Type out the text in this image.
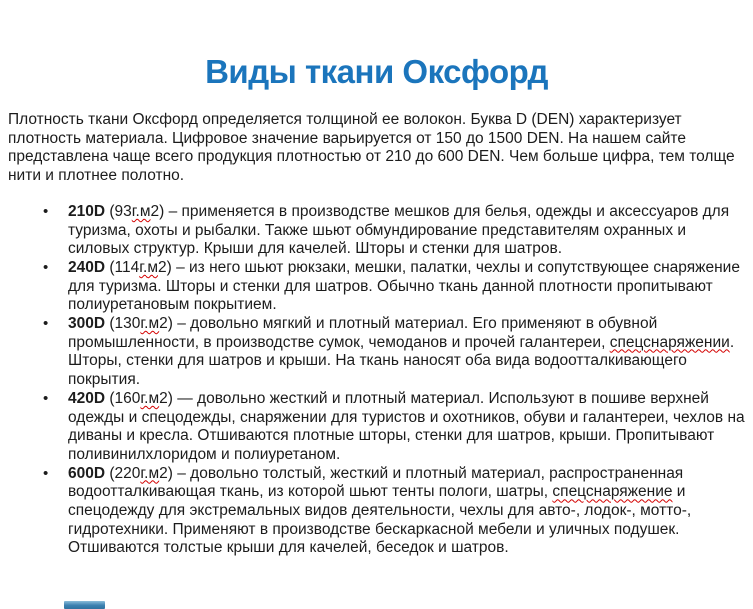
Виды ткани Оксфорд

Плотность ткани Оксфорд определяется толщиной ее волокон. Буква D (DEN) характеризует плотность материала. Цифровое значение варьируется от 150 до 1500 DEN. На нашем сайте представлена чаще всего продукция плотностью от 210 до 600 DEN. Чем больше цифра, тем толще нити и плотнее полотно.

• 210D (93г.м2) – применяется в производстве мешков для белья, одежды и аксессуаров для туризма, охоты и рыбалки. Также шьют обмундирование представителям охранных и силовых структур. Крыши для качелей. Шторы и стенки для шатров.
• 240D (114г.м2) – из него шьют рюкзаки, мешки, палатки, чехлы и сопутствующее снаряжение для туризма. Шторы и стенки для шатров. Обычно ткань данной плотности пропитывают полиуретановым покрытием.
• 300D (130г.м2) – довольно мягкий и плотный материал. Его применяют в обувной промышленности, в производстве сумок, чемоданов и прочей галантереи, спецснаряжении. Шторы, стенки для шатров и крыши. На ткань наносят оба вида водоотталкивающего покрытия.
• 420D (160г.м2) — довольно жесткий и плотный материал. Используют в пошиве верхней одежды и спецодежды, снаряжении для туристов и охотников, обуви и галантереи, чехлов на диваны и кресла. Отшиваются плотные шторы, стенки для шатров, крыши. Пропитывают поливинилхлоридом и полиуретаном.
• 600D (220г.м2) – довольно толстый, жесткий и плотный материал, распространенная водоотталкивающая ткань, из которой шьют тенты пологи, шатры, спецснаряжение и спецодежду для экстремальных видов деятельности, чехлы для авто-, лодок-, мотто-, гидротехники. Применяют в производстве бескаркасной мебели и уличных подушек. Отшиваются толстые крыши для качелей, беседок и шатров.
